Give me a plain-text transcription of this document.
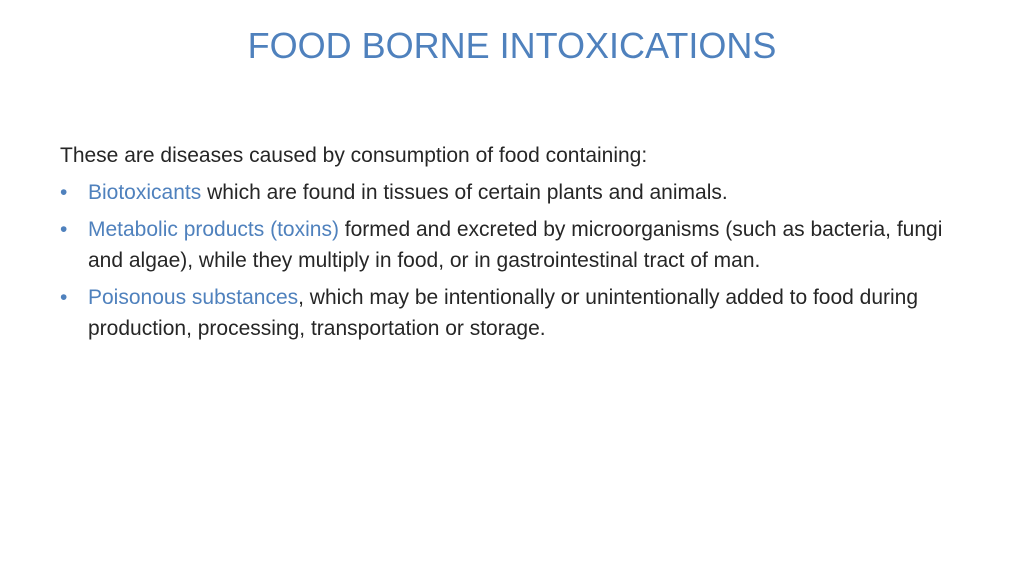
FOOD BORNE INTOXICATIONS

These are diseases caused by consumption of food containing:

• Biotoxicants which are found in tissues of certain plants and animals.
• Metabolic products (toxins) formed and excreted by microorganisms (such as bacteria, fungi and algae), while they multiply in food, or in gastrointestinal tract of man.
• Poisonous substances, which may be intentionally or unintentionally added to food during production, processing, transportation or storage.
